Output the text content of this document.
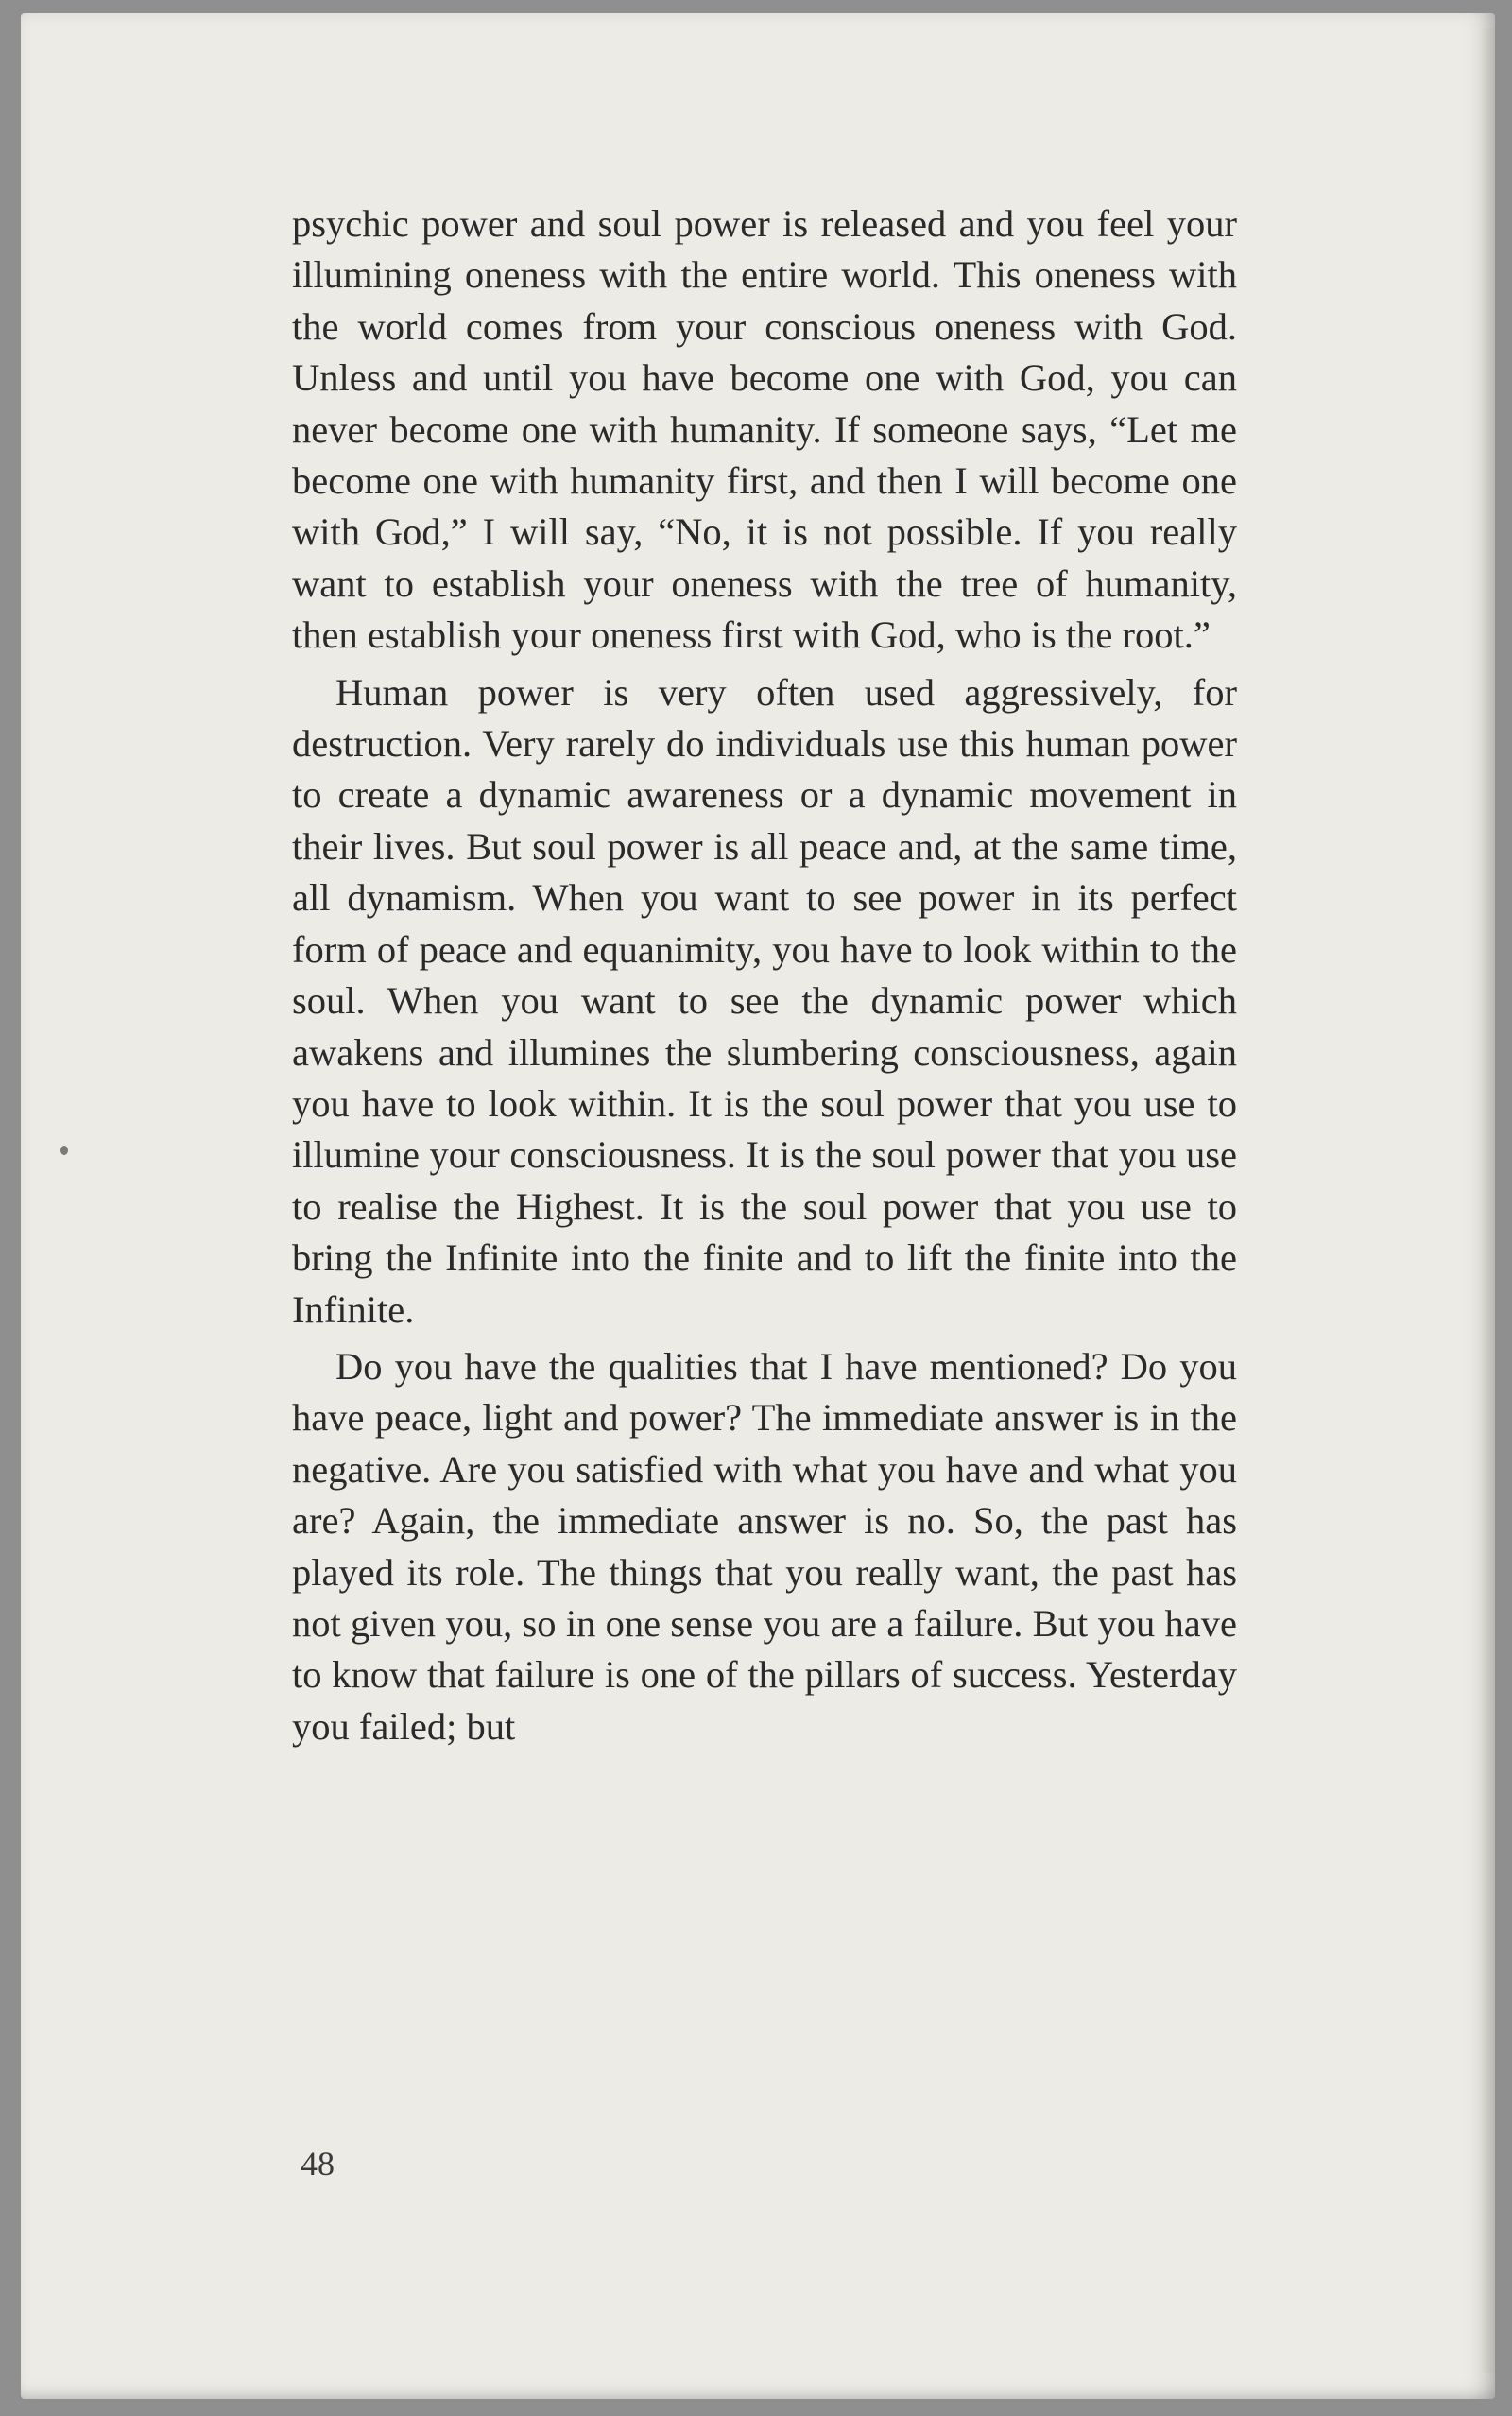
psychic power and soul power is released and you feel your illumining oneness with the entire world. This oneness with the world comes from your conscious oneness with God. Unless and until you have become one with God, you can never become one with humanity. If someone says, “Let me become one with humanity first, and then I will become one with God,” I will say, “No, it is not possible. If you really want to establish your oneness with the tree of humanity, then establish your oneness first with God, who is the root.”

Human power is very often used aggressively, for destruction. Very rarely do individuals use this human power to create a dynamic awareness or a dynamic movement in their lives. But soul power is all peace and, at the same time, all dynamism. When you want to see power in its perfect form of peace and equanimity, you have to look within to the soul. When you want to see the dynamic power which awakens and illumines the slumbering consciousness, again you have to look within. It is the soul power that you use to illumine your consciousness. It is the soul power that you use to realise the Highest. It is the soul power that you use to bring the Infinite into the finite and to lift the finite into the Infinite.

Do you have the qualities that I have mentioned? Do you have peace, light and power? The immediate answer is in the negative. Are you satisfied with what you have and what you are? Again, the immediate answer is no. So, the past has played its role. The things that you really want, the past has not given you, so in one sense you are a failure. But you have to know that failure is one of the pillars of success. Yesterday you failed; but

48
